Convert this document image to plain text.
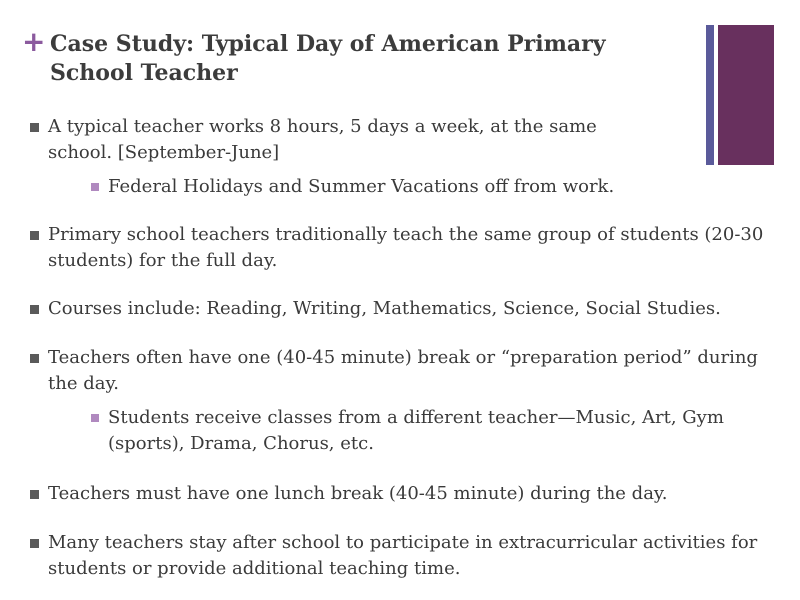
+ Case Study: Typical Day of American Primary School Teacher
A typical teacher works 8 hours, 5 days a week, at the same school. [September-June]
Federal Holidays and Summer Vacations off from work.
Primary school teachers traditionally teach the same group of students (20-30 students) for the full day.
Courses include: Reading, Writing, Mathematics, Science, Social Studies.
Teachers often have one (40-45 minute) break or “preparation period” during the day.
Students receive classes from a different teacher—Music, Art, Gym (sports), Drama, Chorus, etc.
Teachers must have one lunch break (40-45 minute) during the day.
Many teachers stay after school to participate in extracurricular activities for students or provide additional teaching time.
